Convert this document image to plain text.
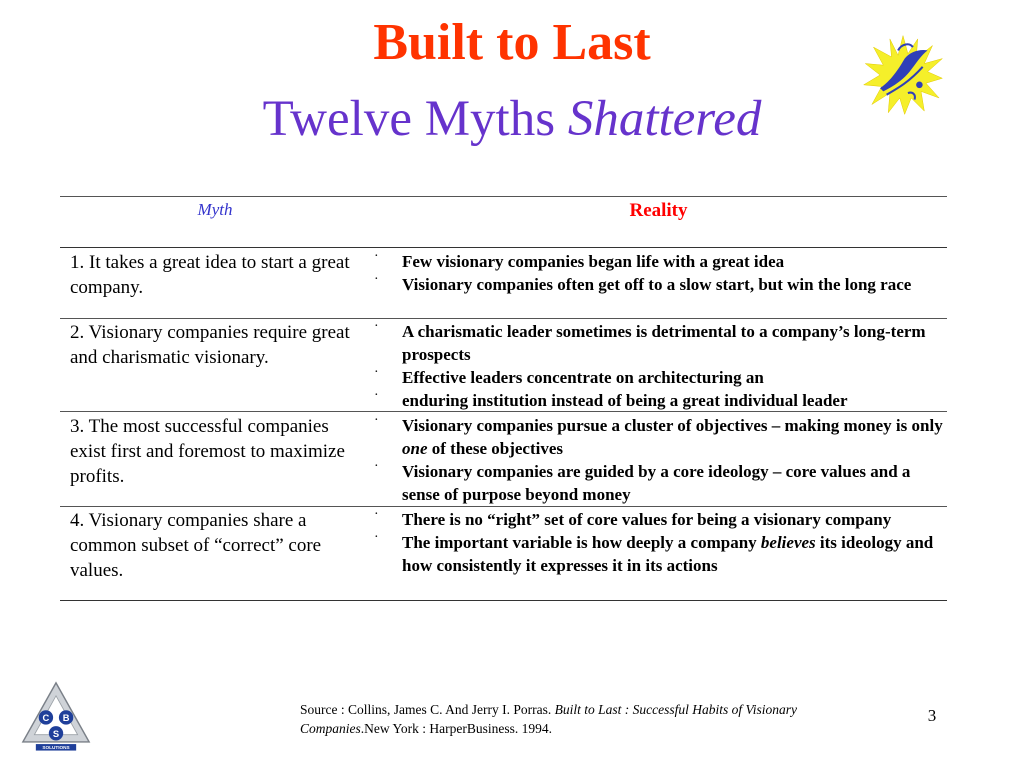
Built to Last
Twelve Myths Shattered
Myth	Reality
1. It takes a great idea to start a great company.
· Few visionary companies began life with a great idea
· Visionary companies often get off to a slow start, but win the long race
2. Visionary companies require great and charismatic visionary.
· A charismatic leader sometimes is detrimental to a company’s long-term prospects
· Effective leaders concentrate on architecturing an
· enduring institution instead of being a great individual leader
3. The most successful companies exist first and foremost to maximize profits.
· Visionary companies pursue a cluster of objectives – making money is only one of these objectives
· Visionary companies are guided by a core ideology – core values and a sense of purpose beyond money
4. Visionary companies share a common subset of “correct” core values.
· There is no “right” set of core values for being a visionary company
· The important variable is how deeply a company believes its ideology and how consistently it expresses it in its actions
C B
S
SOLUTIONS
Source : Collins, James C. And Jerry I. Porras. Built to Last : Successful Habits of Visionary Companies.New York : HarperBusiness. 1994.
3
